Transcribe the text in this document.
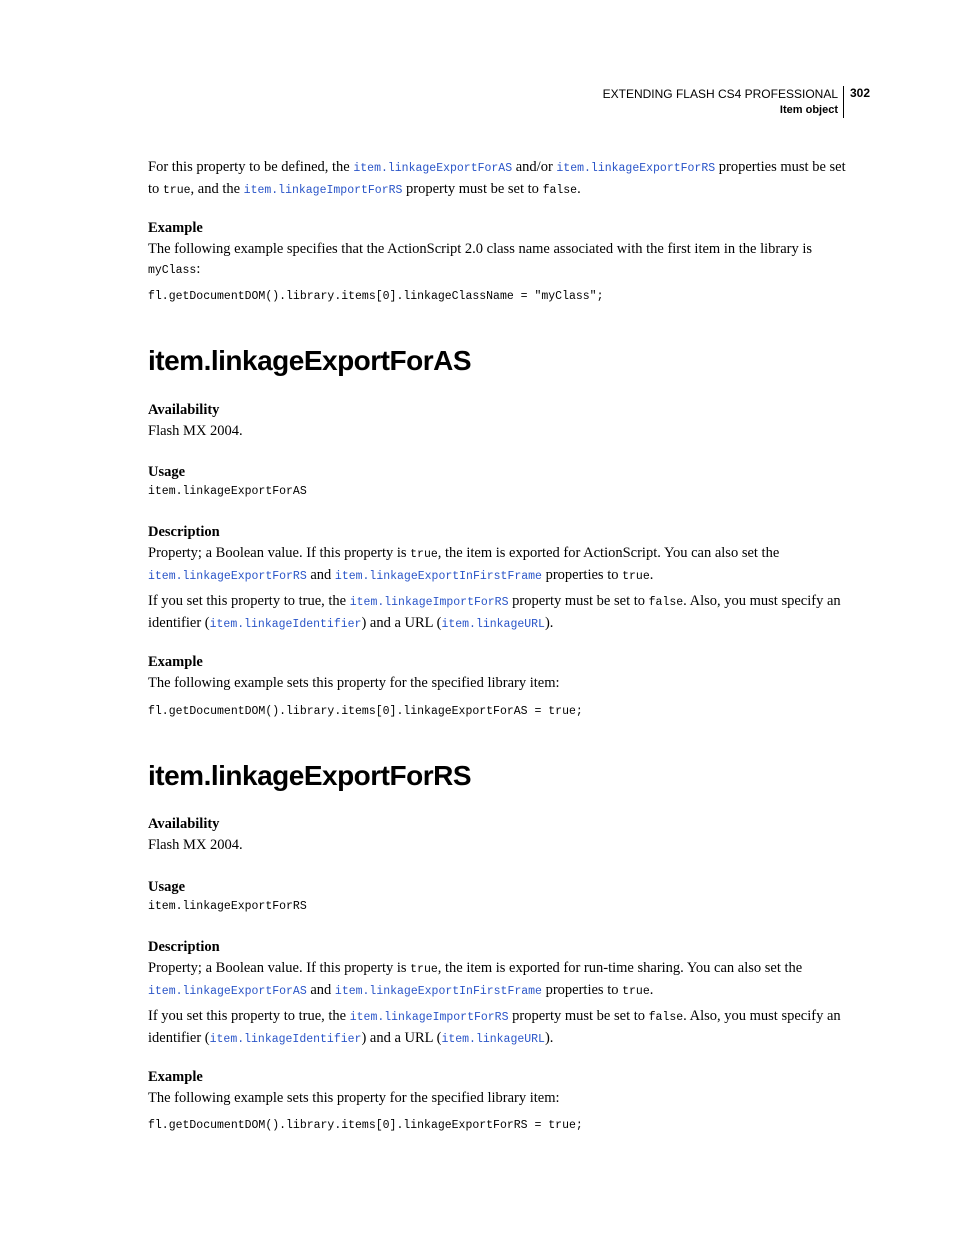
EXTENDING FLASH CS4 PROFESSIONAL
Item object
302

For this property to be defined, the item.linkageExportForAS and/or item.linkageExportForRS properties must be set to true, and the item.linkageImportForRS property must be set to false.

Example

The following example specifies that the ActionScript 2.0 class name associated with the first item in the library is myClass:

fl.getDocumentDOM().library.items[0].linkageClassName = "myClass";
item.linkageExportForAS
Availability

Flash MX 2004.

Usage
item.linkageExportForAS
Description

Property; a Boolean value. If this property is true, the item is exported for ActionScript. You can also set the item.linkageExportForRS and item.linkageExportInFirstFrame properties to true.

If you set this property to true, the item.linkageImportForRS property must be set to false. Also, you must specify an identifier (item.linkageIdentifier) and a URL (item.linkageURL).

Example

The following example sets this property for the specified library item:

fl.getDocumentDOM().library.items[0].linkageExportForAS = true;
item.linkageExportForRS
Availability

Flash MX 2004.

Usage
item.linkageExportForRS
Description

Property; a Boolean value. If this property is true, the item is exported for run-time sharing. You can also set the item.linkageExportForAS and item.linkageExportInFirstFrame properties to true.

If you set this property to true, the item.linkageImportForRS property must be set to false. Also, you must specify an identifier (item.linkageIdentifier) and a URL (item.linkageURL).

Example

The following example sets this property for the specified library item:

fl.getDocumentDOM().library.items[0].linkageExportForRS = true;
